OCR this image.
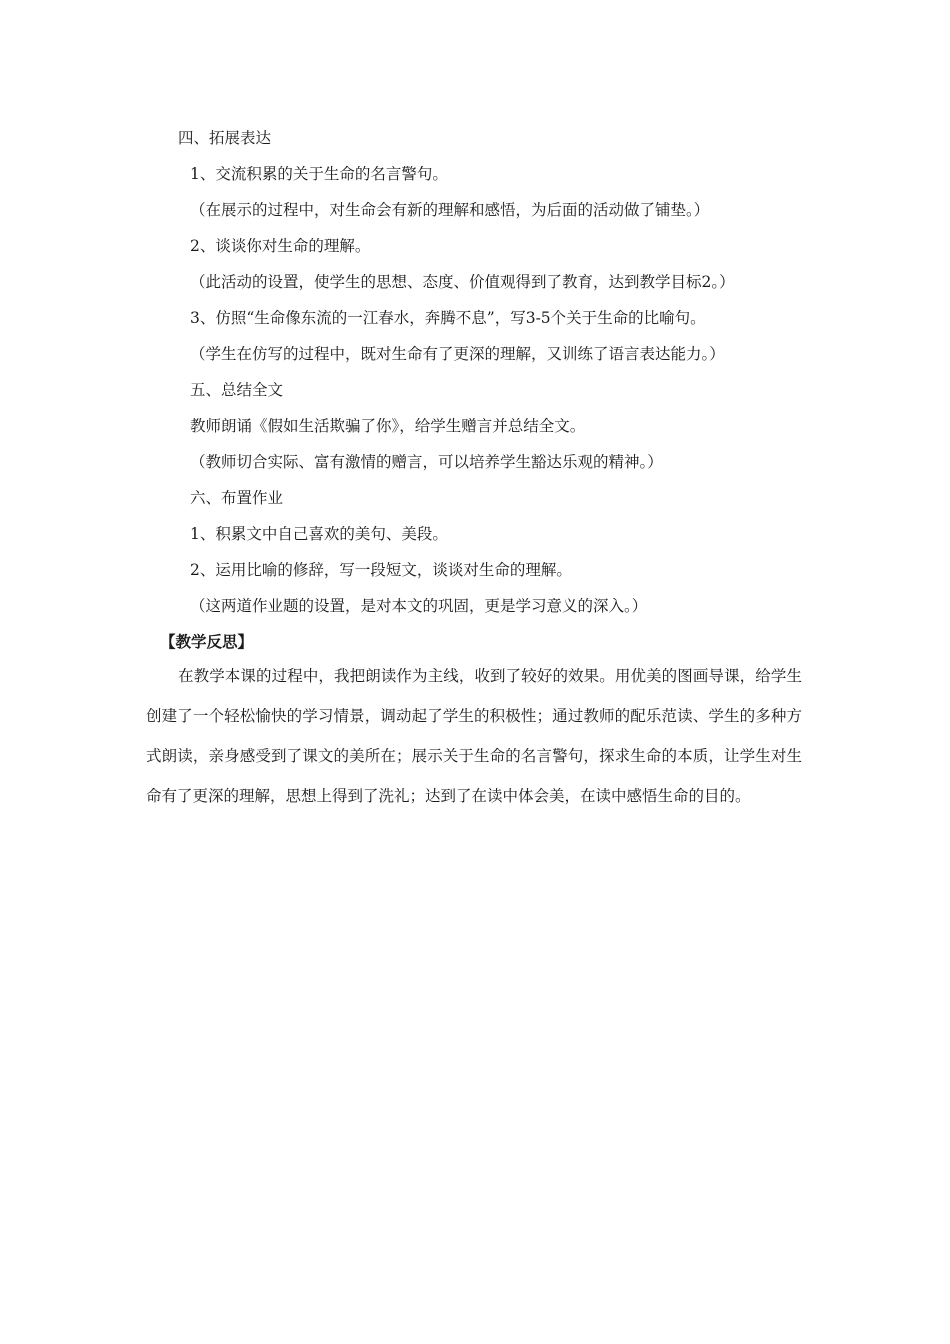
四、拓展表达
1、交流积累的关于生命的名言警句。
（在展示的过程中，对生命会有新的理解和感悟，为后面的活动做了铺垫。）
2、谈谈你对生命的理解。
（此活动的设置，使学生的思想、态度、价值观得到了教育，达到教学目标2。）
3、仿照“生命像东流的一江春水，奔腾不息”，写3-5个关于生命的比喻句。
（学生在仿写的过程中，既对生命有了更深的理解，又训练了语言表达能力。）
五、总结全文
教师朗诵《假如生活欺骗了你》，给学生赠言并总结全文。
（教师切合实际、富有激情的赠言，可以培养学生豁达乐观的精神。）
六、布置作业
1、积累文中自己喜欢的美句、美段。
2、运用比喻的修辞，写一段短文，谈谈对生命的理解。
（这两道作业题的设置，是对本文的巩固，更是学习意义的深入。）
【教学反思】
在教学本课的过程中，我把朗读作为主线，收到了较好的效果。用优美的图画导课，给学生创建了一个轻松愉快的学习情景，调动起了学生的积极性；通过教师的配乐范读、学生的多种方式朗读，亲身感受到了课文的美所在；展示关于生命的名言警句，探求生命的本质，让学生对生命有了更深的理解，思想上得到了洗礼；达到了在读中体会美，在读中感悟生命的目的。
